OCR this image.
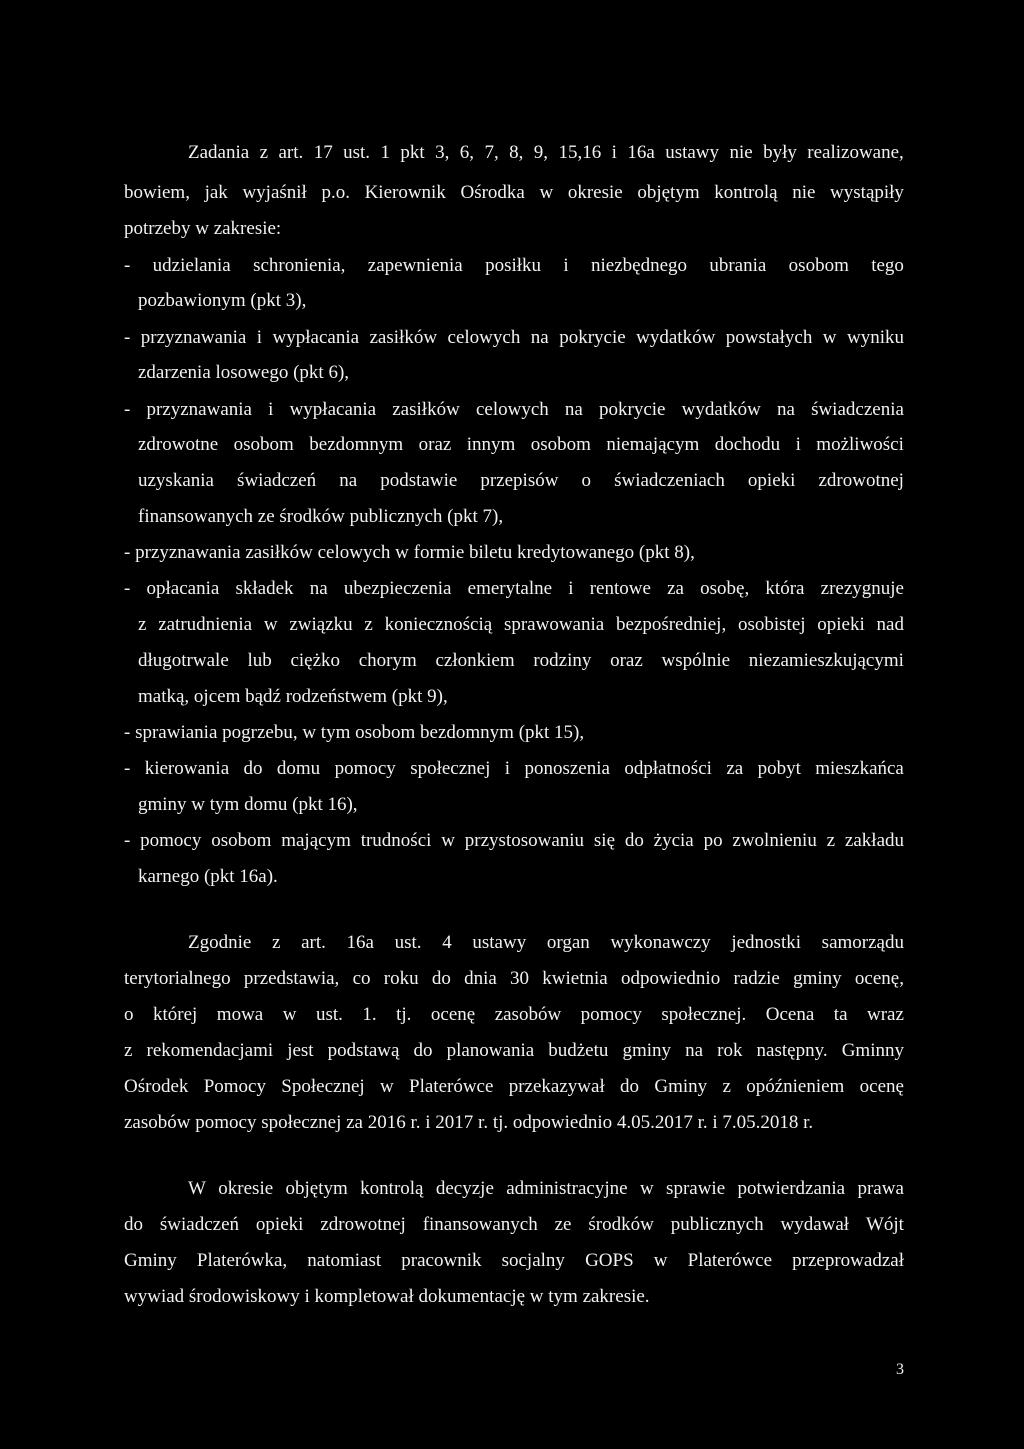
3
Zadania z art. 17 ust. 1 pkt 3, 6, 7, 8, 9, 15,16 i 16a ustawy nie były realizowane,
bowiem, jak wyjaśnił p.o. Kierownik Ośrodka w okresie objętym kontrolą nie wystąpiły
potrzeby w zakresie:
- udzielania schronienia, zapewnienia posiłku i niezbędnego ubrania osobom tego
pozbawionym (pkt 3),
- przyznawania i wypłacania zasiłków celowych na pokrycie wydatków powstałych w wyniku
zdarzenia losowego (pkt 6),
- przyznawania i wypłacania zasiłków celowych na pokrycie wydatków na świadczenia
zdrowotne osobom bezdomnym oraz innym osobom niemającym dochodu i możliwości
uzyskania świadczeń na podstawie przepisów o świadczeniach opieki zdrowotnej
finansowanych ze środków publicznych (pkt 7),
- przyznawania zasiłków celowych w formie biletu kredytowanego (pkt 8),
- opłacania składek na ubezpieczenia emerytalne i rentowe za osobę, która zrezygnuje
z zatrudnienia w związku z koniecznością sprawowania bezpośredniej, osobistej opieki nad
długotrwale lub ciężko chorym członkiem rodziny oraz wspólnie niezamieszkującymi
matką, ojcem bądź rodzeństwem (pkt 9),
- sprawiania pogrzebu, w tym osobom bezdomnym (pkt 15),
- kierowania do domu pomocy społecznej i ponoszenia odpłatności za pobyt mieszkańca
gminy w tym domu (pkt 16),
- pomocy osobom mającym trudności w przystosowaniu się do życia po zwolnieniu z zakładu
karnego (pkt 16a).
Zgodnie z art. 16a ust. 4 ustawy organ wykonawczy jednostki samorządu
terytorialnego przedstawia, co roku do dnia 30 kwietnia odpowiednio radzie gminy ocenę,
o której mowa w ust. 1. tj. ocenę zasobów pomocy społecznej. Ocena ta wraz
z rekomendacjami jest podstawą do planowania budżetu gminy na rok następny. Gminny
Ośrodek Pomocy Społecznej w Platerówce przekazywał do Gminy z opóźnieniem ocenę
zasobów pomocy społecznej za 2016 r. i 2017 r. tj. odpowiednio 4.05.2017 r. i 7.05.2018 r.
W okresie objętym kontrolą decyzje administracyjne w sprawie potwierdzania prawa
do świadczeń opieki zdrowotnej finansowanych ze środków publicznych wydawał Wójt
Gminy Platerówka, natomiast pracownik socjalny GOPS w Platerówce przeprowadzał
wywiad środowiskowy i kompletował dokumentację w tym zakresie.
